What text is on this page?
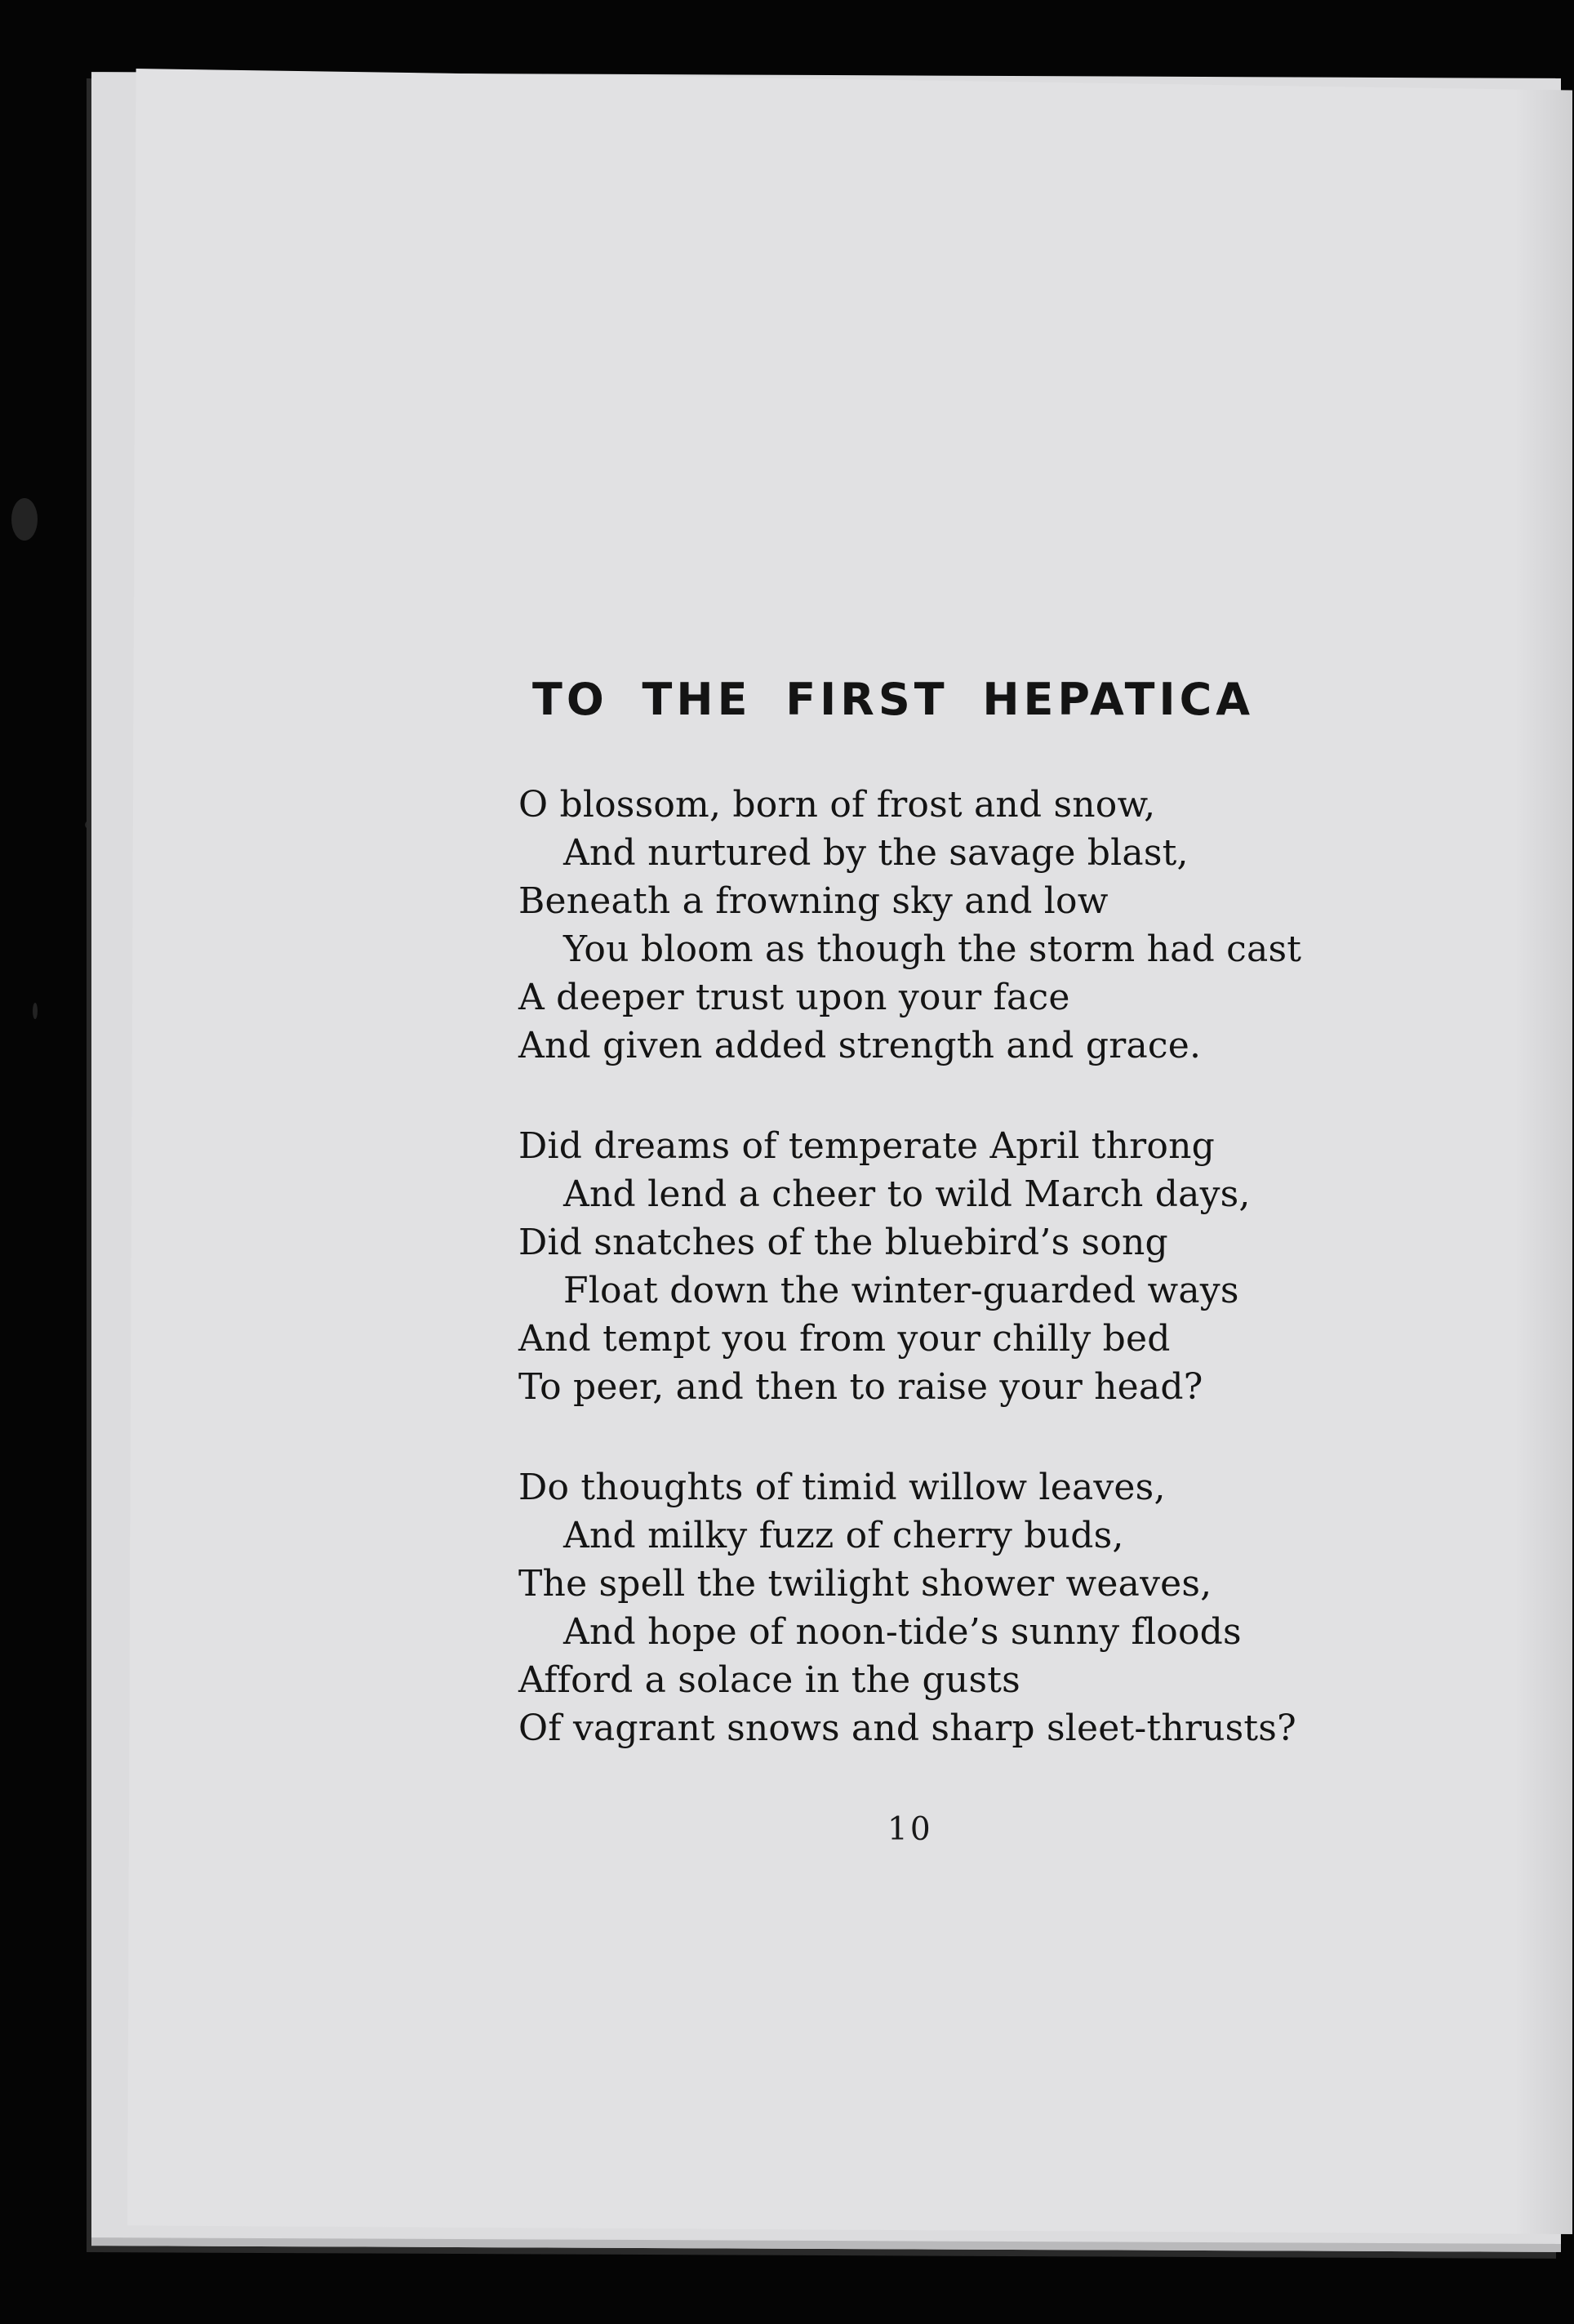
TO THE FIRST HEPATICA
O blossom, born of frost and snow,
And nurtured by the savage blast,
Beneath a frowning sky and low
You bloom as though the storm had cast
A deeper trust upon your face
And given added strength and grace.
Did dreams of temperate April throng
And lend a cheer to wild March days,
Did snatches of the bluebird’s song
Float down the winter-guarded ways
And tempt you from your chilly bed
To peer, and then to raise your head?
Do thoughts of timid willow leaves,
And milky fuzz of cherry buds,
The spell the twilight shower weaves,
And hope of noon-tide’s sunny floods
Afford a solace in the gusts
Of vagrant snows and sharp sleet-thrusts?
10
